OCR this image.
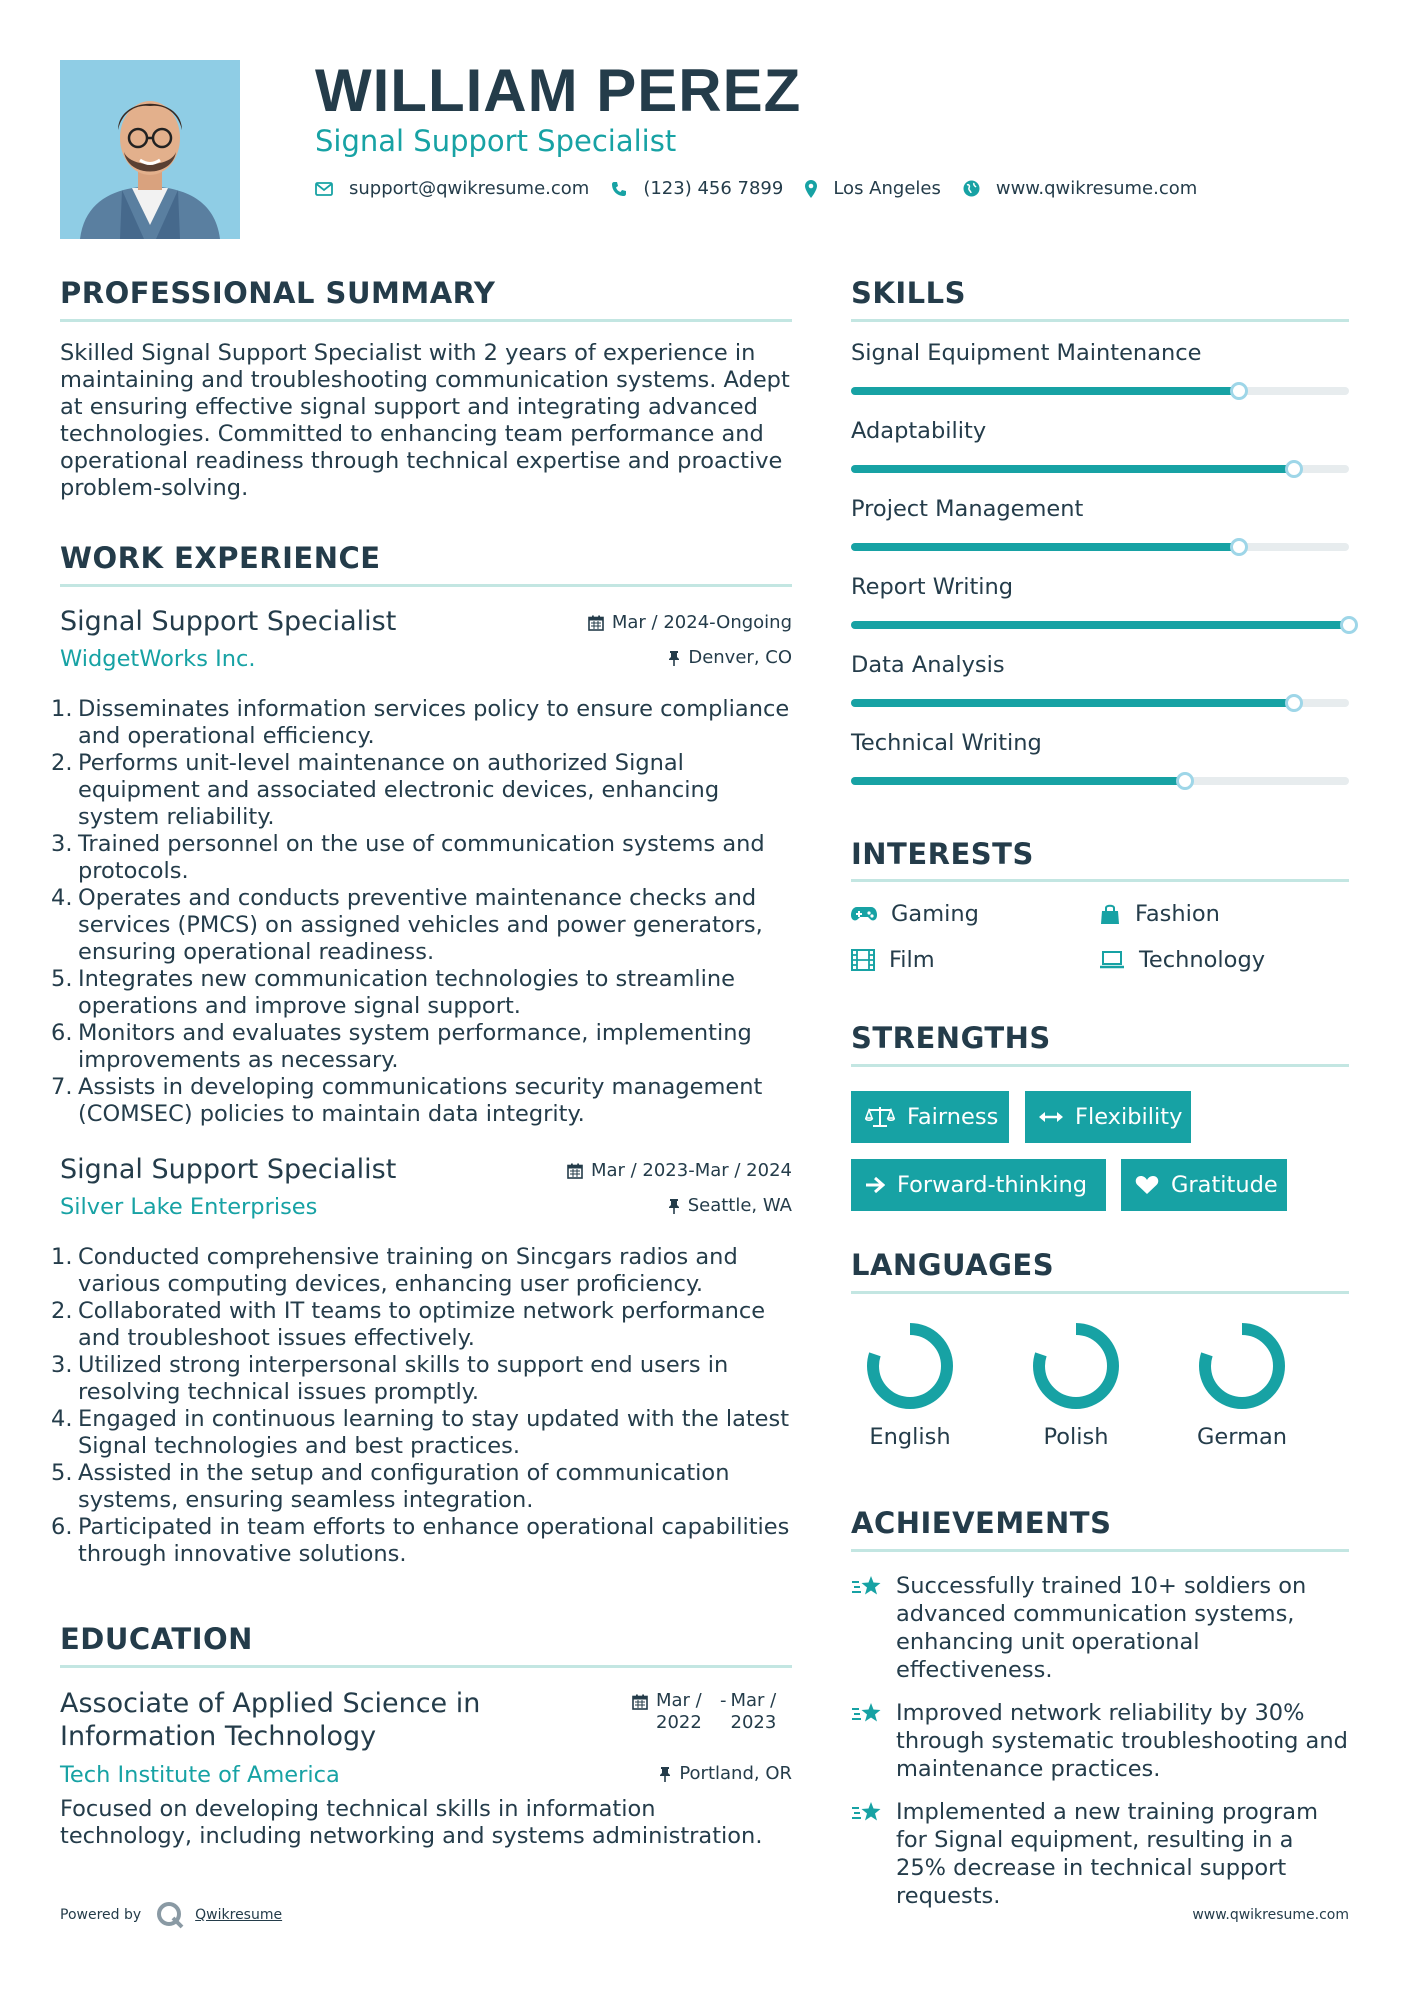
WILLIAM PEREZ
Signal Support Specialist
support@qwikresume.com	(123) 456 7899	Los Angeles	www.qwikresume.com
PROFESSIONAL SUMMARY
Skilled Signal Support Specialist with 2 years of experience in maintaining and troubleshooting communication systems. Adept at ensuring effective signal support and integrating advanced technologies. Committed to enhancing team performance and operational readiness through technical expertise and proactive problem-solving.
WORK EXPERIENCE
Signal Support Specialist
WidgetWorks Inc.
Mar / 2024-Ongoing
Denver, CO
1. Disseminates information services policy to ensure compliance and operational efficiency.
2. Performs unit-level maintenance on authorized Signal equipment and associated electronic devices, enhancing system reliability.
3. Trained personnel on the use of communication systems and protocols.
4. Operates and conducts preventive maintenance checks and services (PMCS) on assigned vehicles and power generators, ensuring operational readiness.
5. Integrates new communication technologies to streamline operations and improve signal support.
6. Monitors and evaluates system performance, implementing improvements as necessary.
7. Assists in developing communications security management (COMSEC) policies to maintain data integrity.
Signal Support Specialist
Silver Lake Enterprises
Mar / 2023-Mar / 2024
Seattle, WA
1. Conducted comprehensive training on Sincgars radios and various computing devices, enhancing user proficiency.
2. Collaborated with IT teams to optimize network performance and troubleshoot issues effectively.
3. Utilized strong interpersonal skills to support end users in resolving technical issues promptly.
4. Engaged in continuous learning to stay updated with the latest Signal technologies and best practices.
5. Assisted in the setup and configuration of communication systems, ensuring seamless integration.
6. Participated in team efforts to enhance operational capabilities through innovative solutions.
EDUCATION
Associate of Applied Science in Information Technology
Mar / 2022
- Mar / 2023
Tech Institute of America	Portland, OR
Focused on developing technical skills in information technology, including networking and systems administration.
SKILLS
Signal Equipment Maintenance
Adaptability
Project Management
Report Writing
Data Analysis
Technical Writing
INTERESTS
Gaming	Fashion
Film	Technology
STRENGTHS
Fairness	Flexibility
Forward-thinking	Gratitude
LANGUAGES
English	Polish	German
ACHIEVEMENTS
Successfully trained 10+ soldiers on advanced communication systems, enhancing unit operational effectiveness.
Improved network reliability by 30% through systematic troubleshooting and maintenance practices.
Implemented a new training program for Signal equipment, resulting in a 25% decrease in technical support requests.
Powered by	Qwikresume	www.qwikresume.com
